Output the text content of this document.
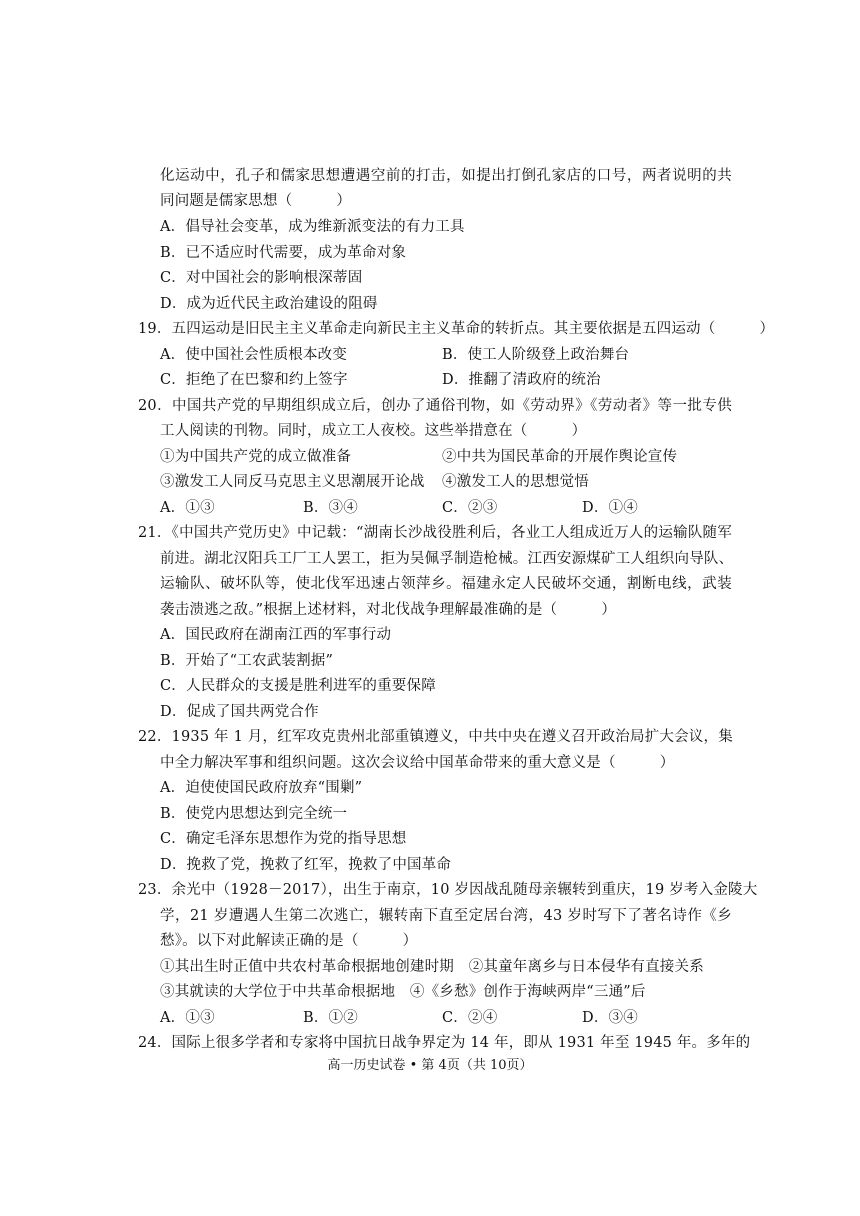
化运动中，孔子和儒家思想遭遇空前的打击，如提出打倒孔家店的口号，两者说明的共
同问题是儒家思想（　　　）
A．倡导社会变革，成为维新派变法的有力工具
B．已不适应时代需要，成为革命对象
C．对中国社会的影响根深蒂固
D．成为近代民主政治建设的阻碍
19．五四运动是旧民主主义革命走向新民主主义革命的转折点。其主要依据是五四运动（　　　）
A．使中国社会性质根本改变	B．使工人阶级登上政治舞台
C．拒绝了在巴黎和约上签字	D．推翻了清政府的统治
20．中国共产党的早期组织成立后，创办了通俗刊物，如《劳动界》《劳动者》等一批专供
工人阅读的刊物。同时，成立工人夜校。这些举措意在（　　　）
①为中国共产党的成立做准备	②中共为国民革命的开展作舆论宣传
③激发工人同反马克思主义思潮展开论战 ④激发工人的思想觉悟
A．①③	B．③④	C．②③	D．①④
21．《中国共产党历史》中记载：“湖南长沙战役胜利后，各业工人组成近万人的运输队随军
前进。湖北汉阳兵工厂工人罢工，拒为吴佩孚制造枪械。江西安源煤矿工人组织向导队、
运输队、破坏队等，使北伐军迅速占领萍乡。福建永定人民破坏交通，割断电线，武装
袭击溃逃之敌。”根据上述材料，对北伐战争理解最准确的是（　　　）
A．国民政府在湖南江西的军事行动
B．开始了“工农武装割据”
C．人民群众的支援是胜利进军的重要保障
D．促成了国共两党合作
22．1935 年 1 月，红军攻克贵州北部重镇遵义，中共中央在遵义召开政治局扩大会议，集
中全力解决军事和组织问题。这次会议给中国革命带来的重大意义是（　　　）
A．迫使使国民政府放弃“围剿”
B．使党内思想达到完全统一
C．确定毛泽东思想作为党的指导思想
D．挽救了党，挽救了红军，挽救了中国革命
23．余光中（1928－2017），出生于南京，10 岁因战乱随母亲辗转到重庆，19 岁考入金陵大
学，21 岁遭遇人生第二次逃亡，辗转南下直至定居台湾，43 岁时写下了著名诗作《乡
愁》。以下对此解读正确的是（　　　）
①其出生时正值中共农村革命根据地创建时期　②其童年离乡与日本侵华有直接关系
③其就读的大学位于中共革命根据地　④《乡愁》创作于海峡两岸“三通”后
A．①③	B．①②	C．②④	D．③④
24．国际上很多学者和专家将中国抗日战争界定为 14 年，即从 1931 年至 1945 年。多年的
高一历史试卷 • 第 4页（共 10页）
